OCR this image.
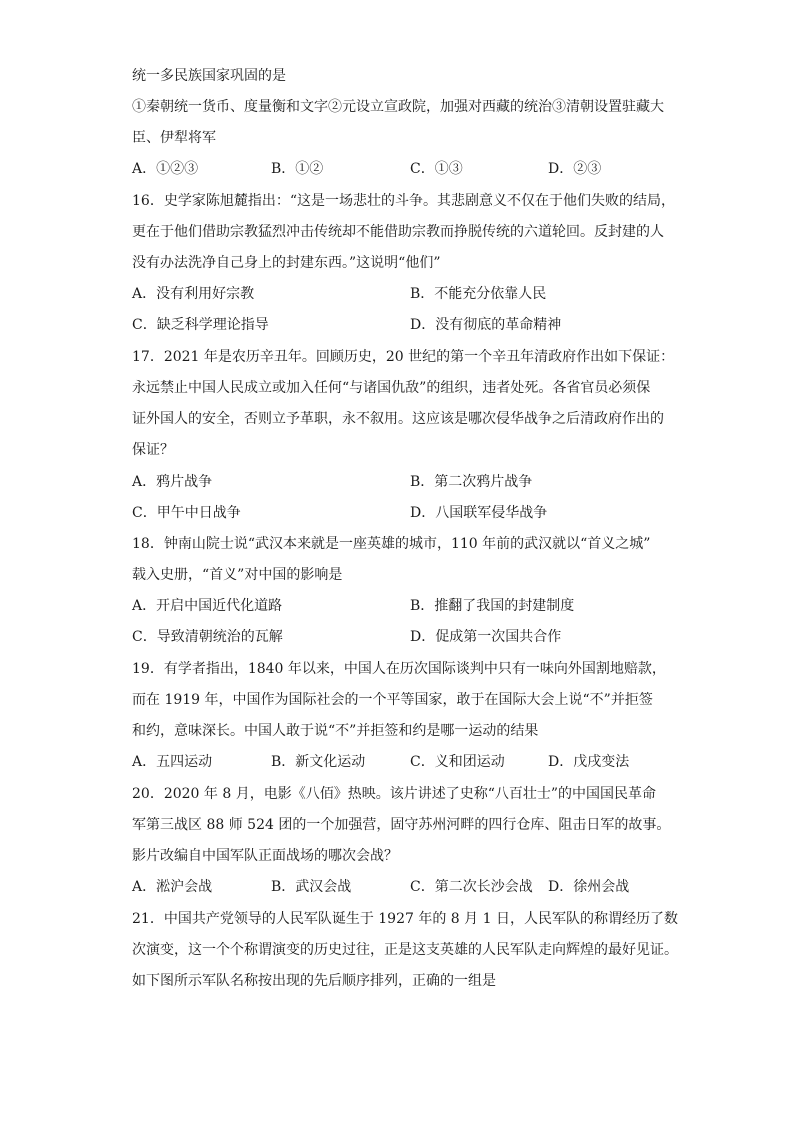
统一多民族国家巩固的是
①秦朝统一货币、度量衡和文字②元设立宣政院，加强对西藏的统治③清朝设置驻藏大
臣、伊犁将军
A．①②③	B．①②	C．①③	D．②③
16．史学家陈旭麓指出：“这是一场悲壮的斗争。其悲剧意义不仅在于他们失败的结局，
更在于他们借助宗教猛烈冲击传统却不能借助宗教而挣脱传统的六道轮回。反封建的人
没有办法洗净自己身上的封建东西。”这说明“他们”
A．没有利用好宗教	B．不能充分依靠人民
C．缺乏科学理论指导	D．没有彻底的革命精神
17．2021 年是农历辛丑年。回顾历史，20 世纪的第一个辛丑年清政府作出如下保证：
永远禁止中国人民成立或加入任何“与诸国仇敌”的组织，违者处死。各省官员必须保
证外国人的安全，否则立予革职，永不叙用。这应该是哪次侵华战争之后清政府作出的
保证？
A．鸦片战争	B．第二次鸦片战争
C．甲午中日战争	D．八国联军侵华战争
18．钟南山院士说“武汉本来就是一座英雄的城市，110 年前的武汉就以“首义之城”
载入史册，“首义”对中国的影响是
A．开启中国近代化道路	B．推翻了我国的封建制度
C．导致清朝统治的瓦解	D．促成第一次国共合作
19．有学者指出，1840 年以来，中国人在历次国际谈判中只有一味向外国割地赔款，
而在 1919 年，中国作为国际社会的一个平等国家，敢于在国际大会上说“不”并拒签
和约，意味深长。中国人敢于说“不”并拒签和约是哪一运动的结果
A．五四运动	B．新文化运动	C．义和团运动	D．戊戌变法
20．2020 年 8 月，电影《八佰》热映。该片讲述了史称“八百壮士”的中国国民革命
军第三战区 88 师 524 团的一个加强营，固守苏州河畔的四行仓库、阻击日军的故事。
影片改编自中国军队正面战场的哪次会战？
A．淞沪会战	B．武汉会战	C．第二次长沙会战 D．徐州会战
21．中国共产党领导的人民军队诞生于 1927 年的 8 月 1 日，人民军队的称谓经历了数
次演变，这一个个称谓演变的历史过往，正是这支英雄的人民军队走向辉煌的最好见证。
如下图所示军队名称按出现的先后顺序排列，正确的一组是
